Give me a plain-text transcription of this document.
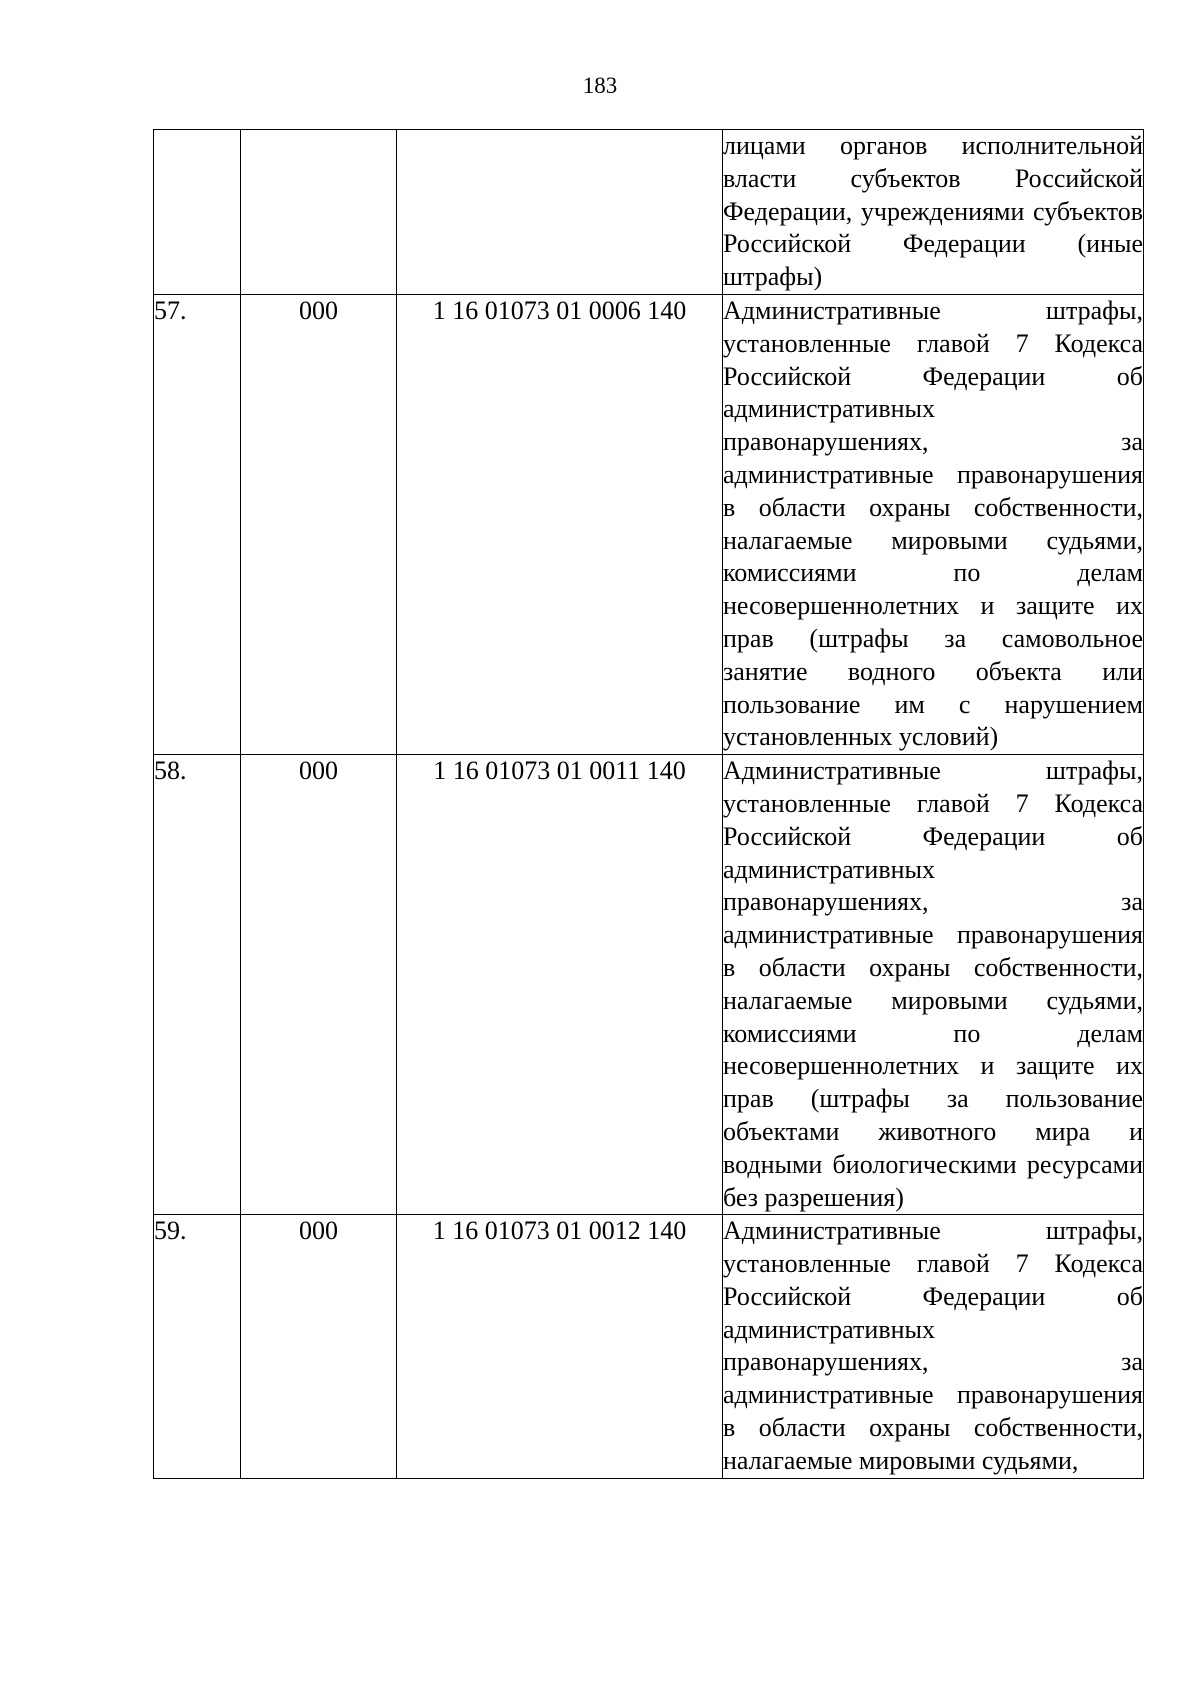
183

			лицами органов исполнительной власти субъектов Российской Федерации, учреждениями субъектов Российской Федерации (иные штрафы)

57.	000	1 16 01073 01 0006 140	Административные штрафы, установленные главой 7 Кодекса Российской Федерации об административных правонарушениях, за административные правонарушения в области охраны собственности, налагаемые мировыми судьями, комиссиями по делам несовершеннолетних и защите их прав (штрафы за самовольное занятие водного объекта или пользование им с нарушением установленных условий)

58.	000	1 16 01073 01 0011 140	Административные штрафы, установленные главой 7 Кодекса Российской Федерации об административных правонарушениях, за административные правонарушения в области охраны собственности, налагаемые мировыми судьями, комиссиями по делам несовершеннолетних и защите их прав (штрафы за пользование объектами животного мира и водными биологическими ресурсами без разрешения)

59.	000	1 16 01073 01 0012 140	Административные штрафы, установленные главой 7 Кодекса Российской Федерации об административных правонарушениях, за административные правонарушения в области охраны собственности, налагаемые мировыми судьями,
